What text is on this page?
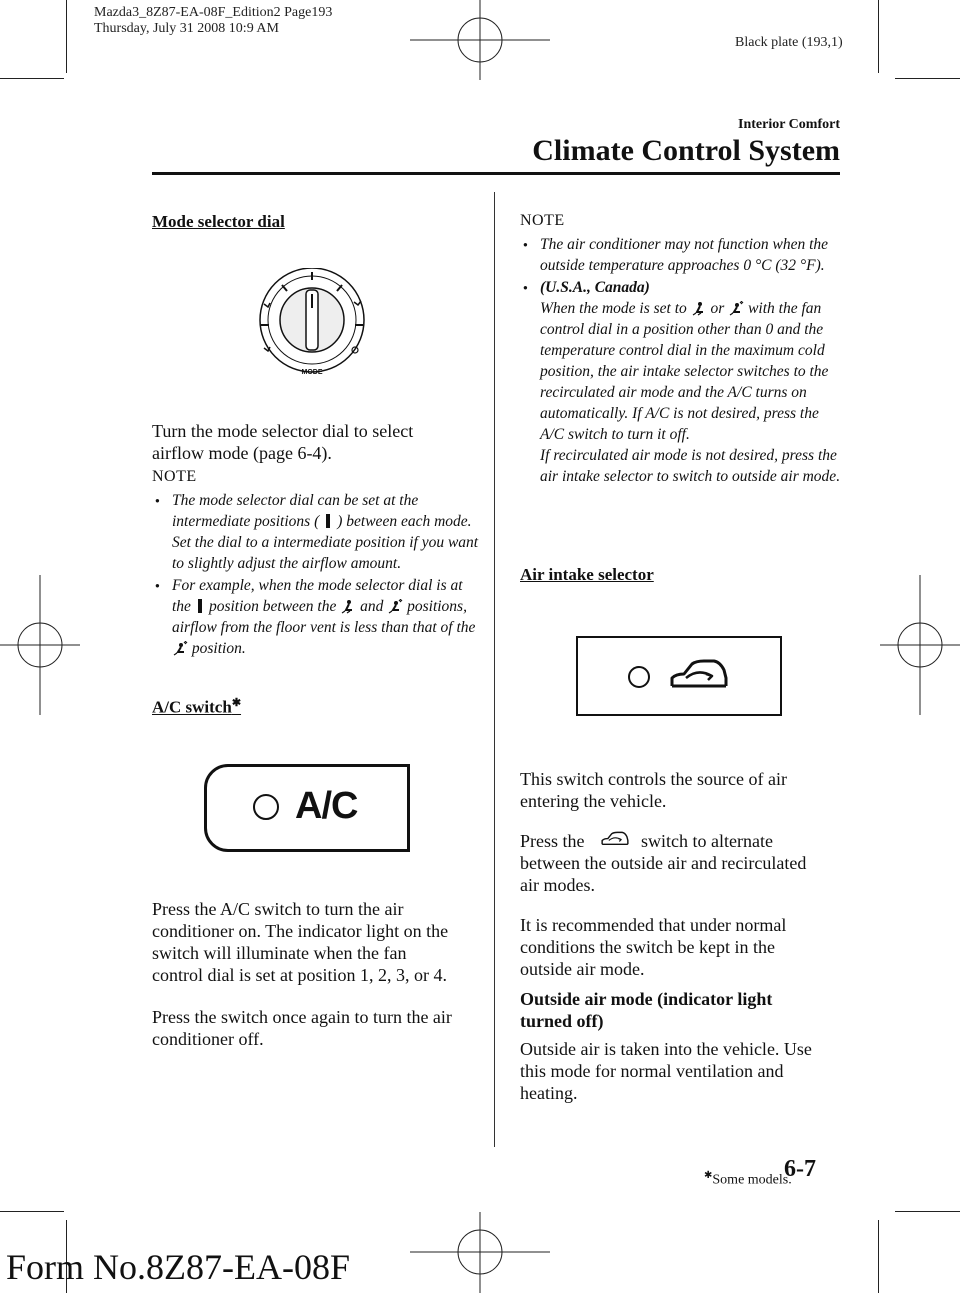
Mazda3_8Z87-EA-08F_Edition2 Page193
Thursday, July 31 2008 10:9 AM
Black plate (193,1)
Interior Comfort
Climate Control System
Mode selector dial
MODE
Turn the mode selector dial to select
airflow mode (page 6-4).
NOTE
● The mode selector dial can be set at the intermediate positions ( ) between each mode. Set the dial to a intermediate position if you want to slightly adjust the airflow amount.
● For example, when the mode selector dial is at the position between the and positions, airflow from the floor vent is less than that of the  position.
A/C switch✱
A/C
Press the A/C switch to turn the air
conditioner on. The indicator light on the
switch will illuminate when the fan
control dial is set at position 1, 2, 3, or 4.
Press the switch once again to turn the air
conditioner off.
NOTE
● The air conditioner may not function when the outside temperature approaches 0 °C (32 °F).
● (U.S.A., Canada)
When the mode is set to or with the fan control dial in a position other than 0 and the temperature control dial in the maximum cold position, the air intake selector switches to the recirculated air mode and the A/C turns on automatically. If A/C is not desired, press the A/C switch to turn it off.
If recirculated air mode is not desired, press the air intake selector to switch to outside air mode.
Air intake selector
This switch controls the source of air
entering the vehicle.
Press the	switch to alternate
between the outside air and recirculated
air modes.
It is recommended that under normal
conditions the switch be kept in the
outside air mode.
Outside air mode (indicator light
turned off)
Outside air is taken into the vehicle. Use
this mode for normal ventilation and
heating.
6-7
✱Some models.
Form No.8Z87-EA-08F
